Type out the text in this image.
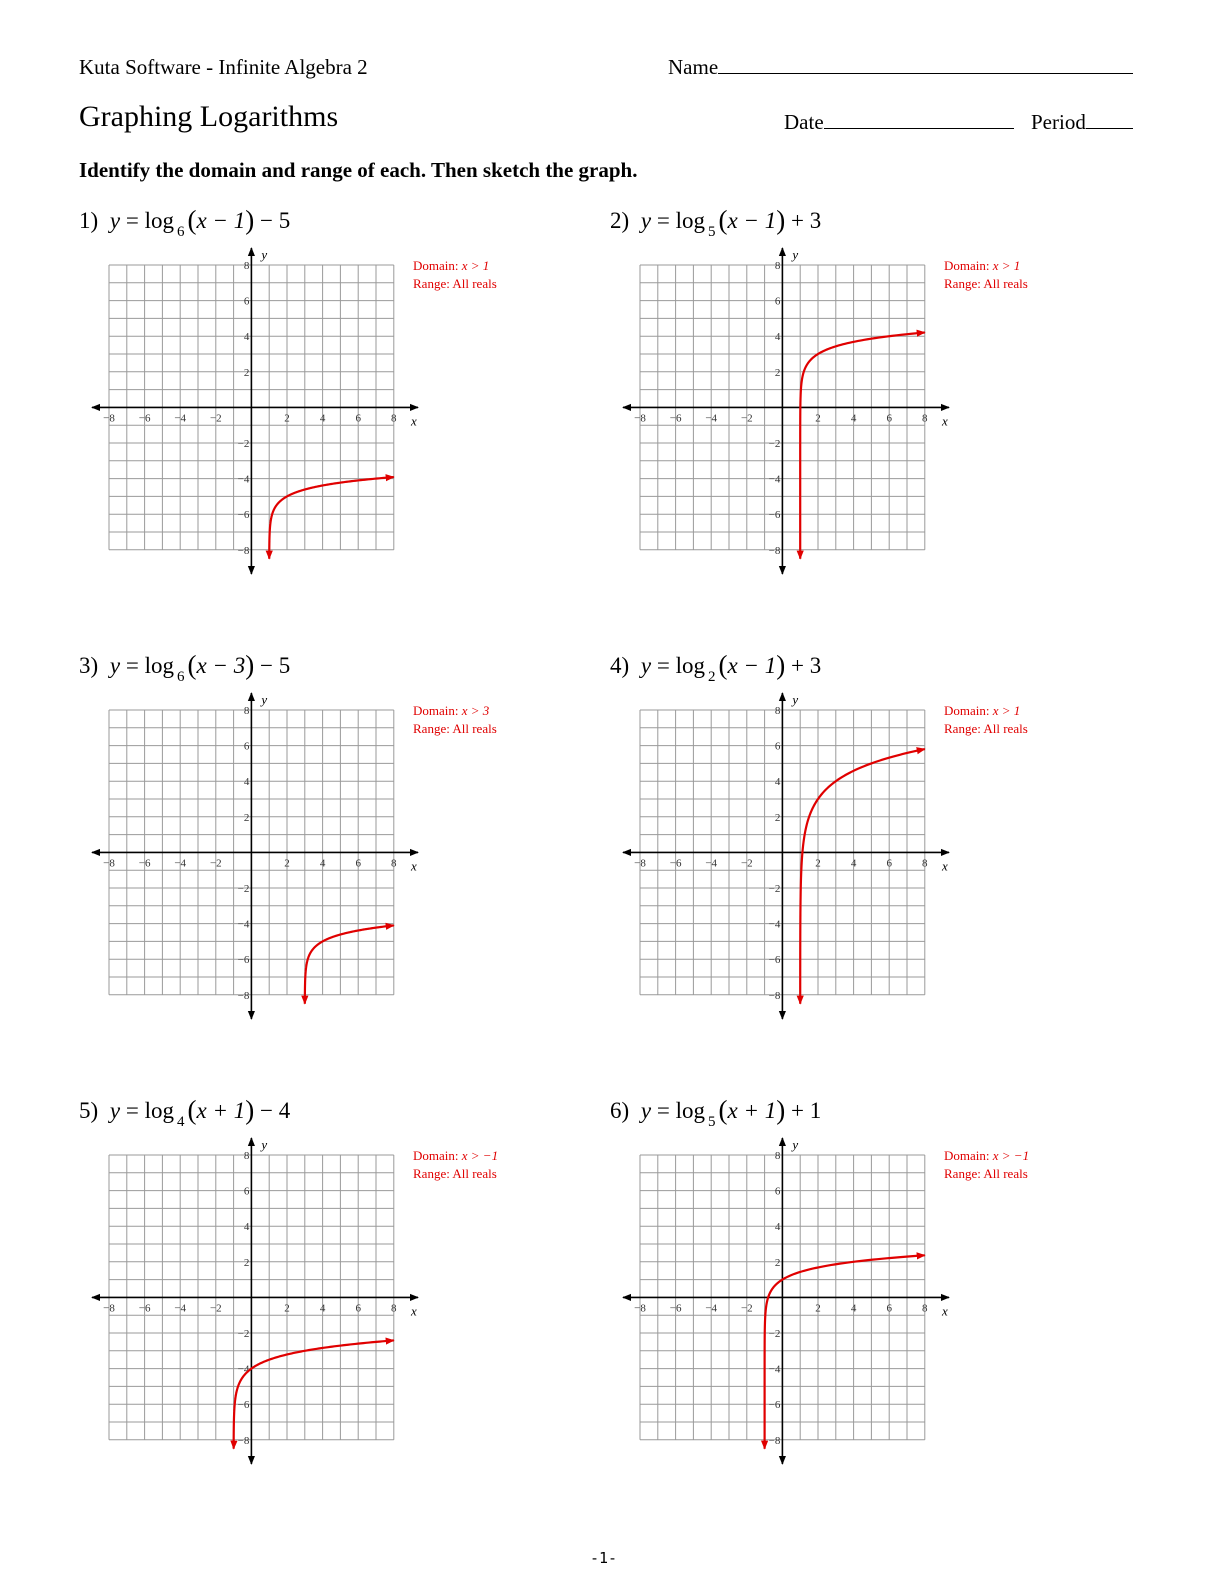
Kuta Software - Infinite Algebra 2	Name
Graphing Logarithms	Date	Period
Identify the domain and range of each. Then sketch the graph.
1) y = log $_6$ (x − 1) − 5
Domain: x > 1
Range: All reals
−8
−8
−6
−6
−4
−4
−2
−2
2
2
4
4
6
6
8
8
x
y
2) y = log $_5$ (x − 1) + 3
Domain: x > 1
Range: All reals
−8
−8
−6
−6
−4
−4
−2
−2
2
2
4
4
6
6
8
8
x
y
3) y = log $_6$ (x − 3) − 5
Domain: x > 3
Range: All reals
−8
−8
−6
−6
−4
−4
−2
−2
2
2
4
4
6
6
8
8
x
y
4) y = log $_2$ (x − 1) + 3
Domain: x > 1
Range: All reals
−8
−8
−6
−6
−4
−4
−2
−2
2
2
4
4
6
6
8
8
x
y
5) y = log $_4$ (x + 1) − 4
Domain: x > −1
Range: All reals
−8
−8
−6
−6
−4
−4
−2
−2
2
2
4
4
6
6
8
8
x
y
6) y = log $_5$ (x + 1) + 1
Domain: x > −1
Range: All reals
−8
−8
−6
−6
−4
−4
−2
−2
2
2
4
4
6
6
8
8
x
y
-1-
